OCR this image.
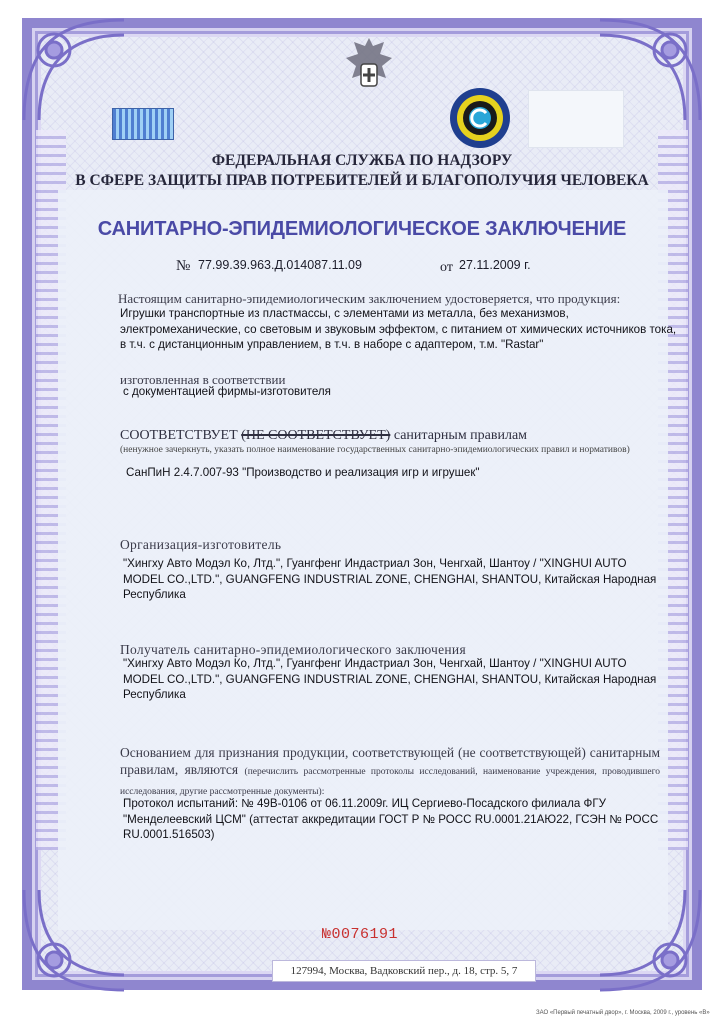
ФЕДЕРАЛЬНАЯ СЛУЖБА ПО НАДЗОРУ
В СФЕРЕ ЗАЩИТЫ ПРАВ ПОТРЕБИТЕЛЕЙ И БЛАГОПОЛУЧИЯ ЧЕЛОВЕКА
САНИТАРНО-ЭПИДЕМИОЛОГИЧЕСКОЕ ЗАКЛЮЧЕНИЕ
№ 77.99.39.963.Д.014087.11.09	от 27.11.2009 г.
Настоящим санитарно-эпидемиологическим заключением удостоверяется, что продукция:
Игрушки транспортные из пластмассы, с элементами из металла, без механизмов, электромеханические, со световым и звуковым эффектом, с питанием от химических источников тока, в т.ч. с дистанционным управлением, в т.ч. в наборе с адаптером, т.м. "Rastar"
изготовленная в соответствии
с документацией фирмы-изготовителя
СООТВЕТСТВУЕТ (НЕ СООТВЕТСТВУЕТ) санитарным правилам
(ненужное зачеркнуть, указать полное наименование государственных санитарно-эпидемиологических правил и нормативов)
СанПиН 2.4.7.007-93 "Производство и реализация игр и игрушек"
Организация-изготовитель
"Хингху Авто Модэл Ко, Лтд.", Гуангфенг Индастриал Зон, Ченгхай, Шантоу / "XINGHUI AUTO MODEL CO.,LTD.", GUANGFENG INDUSTRIAL ZONE, CHENGHAI, SHANTOU, Китайская Народная Республика
Получатель санитарно-эпидемиологического заключения
"Хингху Авто Модэл Ко, Лтд.", Гуангфенг Индастриал Зон, Ченгхай, Шантоу / "XINGHUI AUTO MODEL CO.,LTD.", GUANGFENG INDUSTRIAL ZONE, CHENGHAI, SHANTOU, Китайская Народная Республика
Основанием для признания продукции, соответствующей (не соответствующей) санитарным правилам, являются (перечислить рассмотренные протоколы исследований, наименование учреждения, проводившего исследования, другие рассмотренные документы):
Протокол испытаний: № 49В-0106 от 06.11.2009г. ИЦ Сергиево-Посадского филиала ФГУ "Менделеевский ЦСМ" (аттестат аккредитации ГОСТ Р № РОСС RU.0001.21АЮ22, ГСЭН № РОСС RU.0001.516503)
№0076191
127994, Москва, Вадковский пер., д. 18, стр. 5, 7
ЗАО «Первый печатный двор», г. Москва, 2009 г., уровень «В»
